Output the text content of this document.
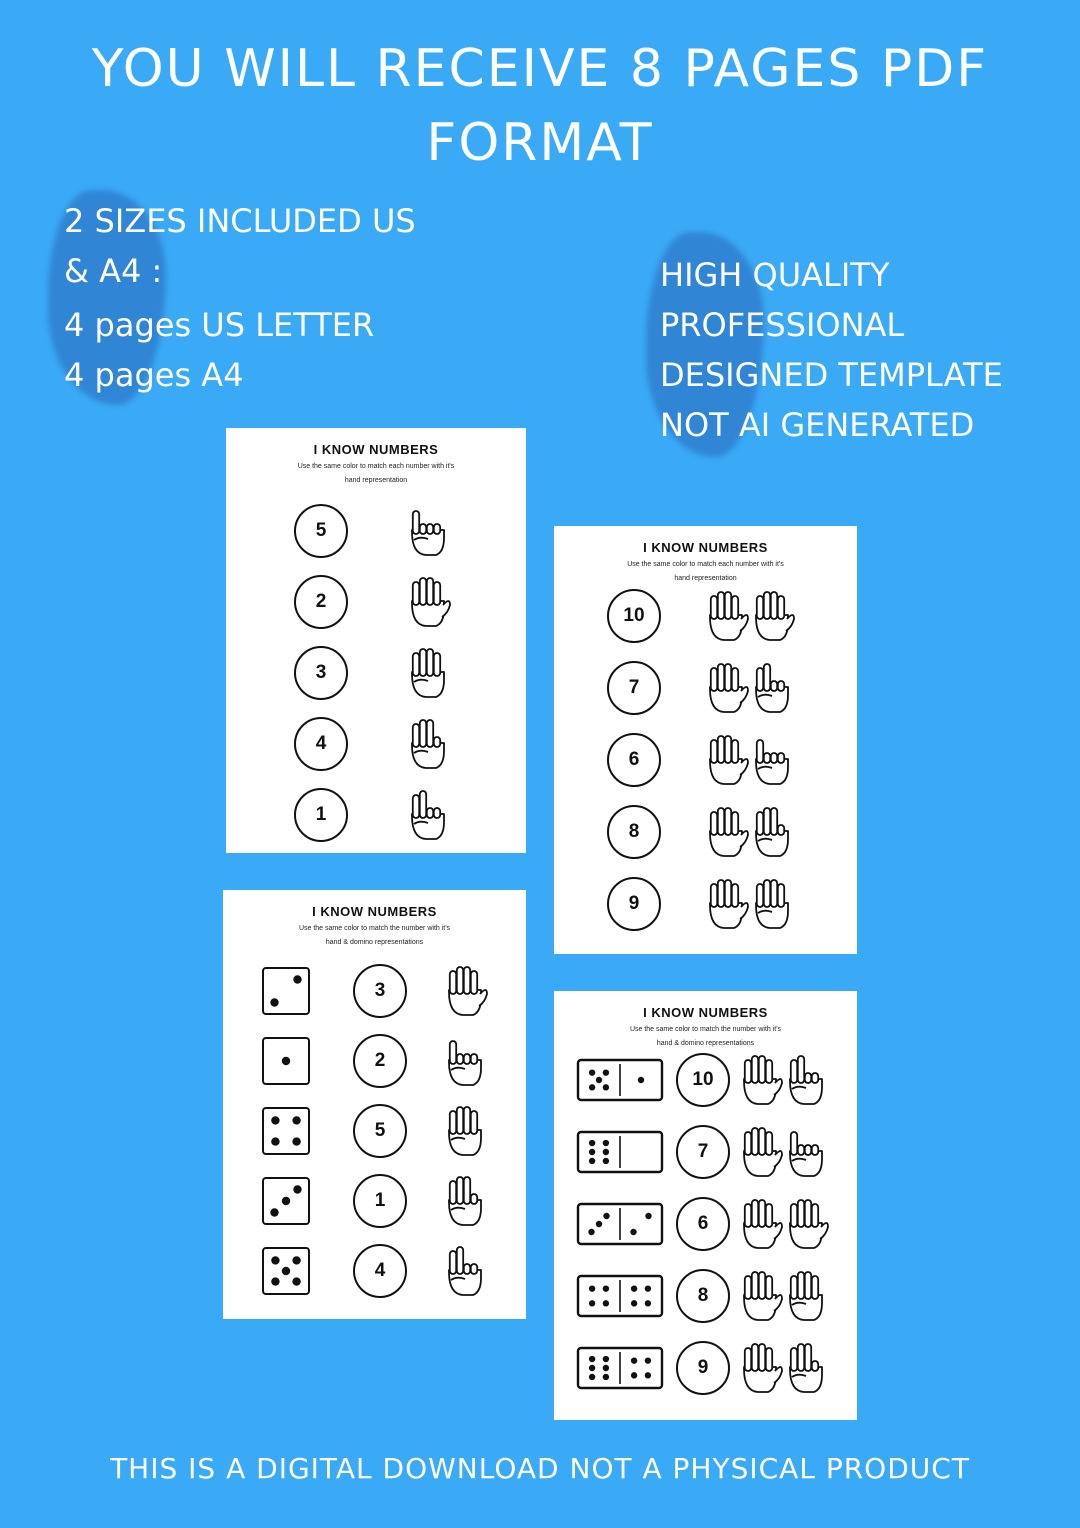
YOU WILL RECEIVE 8 PAGES PDF
FORMAT
2 SIZES INCLUDED US
& A4 :
4 pages US LETTER
4 pages A4
HIGH QUALITY
PROFESSIONAL
DESIGNED TEMPLATE
NOT AI GENERATED
I KNOW NUMBERS
Use the same color to match each number with it's
hand representation
5
2
3
4
1
I KNOW NUMBERS
Use the same color to match each number with it's
hand representation
10
7
6
8
9
I KNOW NUMBERS
Use the same color to match the number with it's
hand & domino representations
3
2
5
1
4
I KNOW NUMBERS
Use the same color to match the number with it's
hand & domino representations
10
7
6
8
9
THIS IS A DIGITAL DOWNLOAD NOT A PHYSICAL PRODUCT
